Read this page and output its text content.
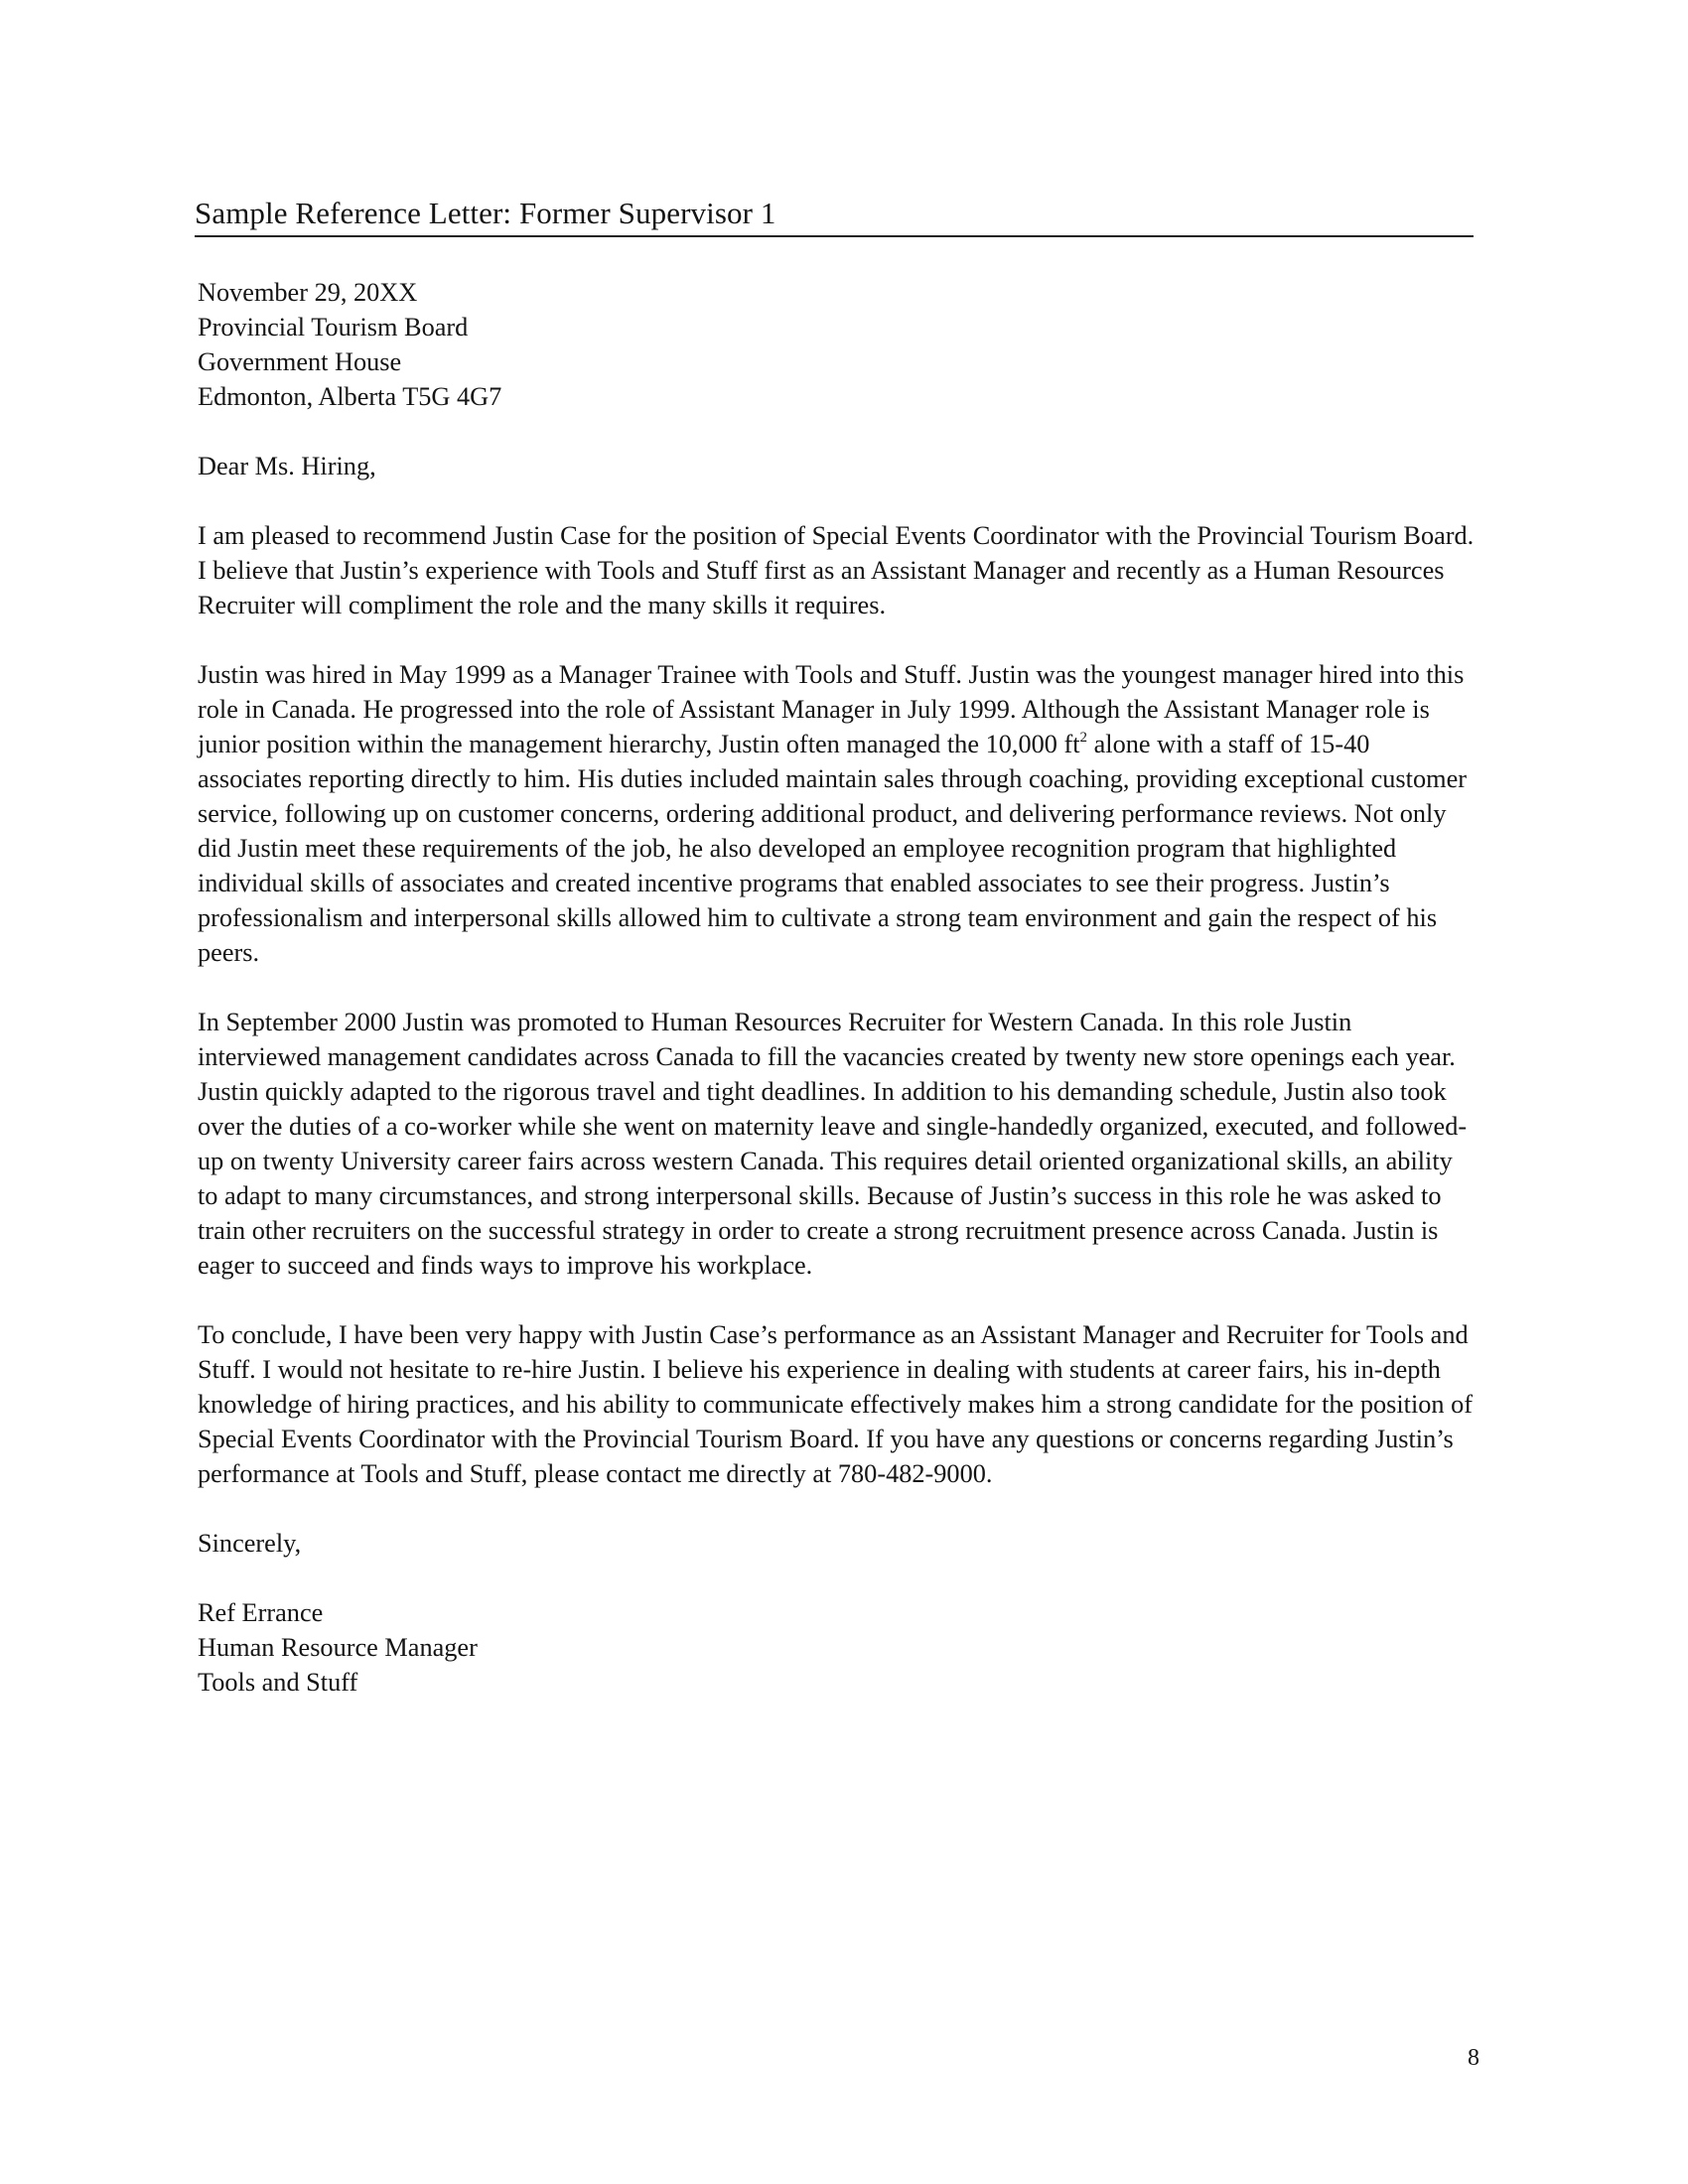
Sample Reference Letter: Former Supervisor 1

November 29, 20XX
Provincial Tourism Board
Government House
Edmonton, Alberta T5G 4G7

Dear Ms. Hiring,

I am pleased to recommend Justin Case for the position of Special Events Coordinator with the Provincial Tourism Board. I believe that Justin’s experience with Tools and Stuff first as an Assistant Manager and recently as a Human Resources Recruiter will compliment the role and the many skills it requires.

Justin was hired in May 1999 as a Manager Trainee with Tools and Stuff. Justin was the youngest manager hired into this role in Canada. He progressed into the role of Assistant Manager in July 1999. Although the Assistant Manager role is junior position within the management hierarchy, Justin often managed the 10,000 $ft^2$ alone with a staff of 15-40 associates reporting directly to him. His duties included maintain sales through coaching, providing exceptional customer service, following up on customer concerns, ordering additional product, and delivering performance reviews. Not only did Justin meet these requirements of the job, he also developed an employee recognition program that highlighted individual skills of associates and created incentive programs that enabled associates to see their progress. Justin’s professionalism and interpersonal skills allowed him to cultivate a strong team environment and gain the respect of his peers.

In September 2000 Justin was promoted to Human Resources Recruiter for Western Canada. In this role Justin interviewed management candidates across Canada to fill the vacancies created by twenty new store openings each year. Justin quickly adapted to the rigorous travel and tight deadlines. In addition to his demanding schedule, Justin also took over the duties of a co-worker while she went on maternity leave and single-handedly organized, executed, and followed-up on twenty University career fairs across western Canada. This requires detail oriented organizational skills, an ability to adapt to many circumstances, and strong interpersonal skills. Because of Justin’s success in this role he was asked to train other recruiters on the successful strategy in order to create a strong recruitment presence across Canada. Justin is eager to succeed and finds ways to improve his workplace.

To conclude, I have been very happy with Justin Case’s performance as an Assistant Manager and Recruiter for Tools and Stuff. I would not hesitate to re-hire Justin. I believe his experience in dealing with students at career fairs, his in-depth knowledge of hiring practices, and his ability to communicate effectively makes him a strong candidate for the position of Special Events Coordinator with the Provincial Tourism Board. If you have any questions or concerns regarding Justin’s performance at Tools and Stuff, please contact me directly at 780-482-9000.

Sincerely,

Ref Errance
Human Resource Manager
Tools and Stuff

8
